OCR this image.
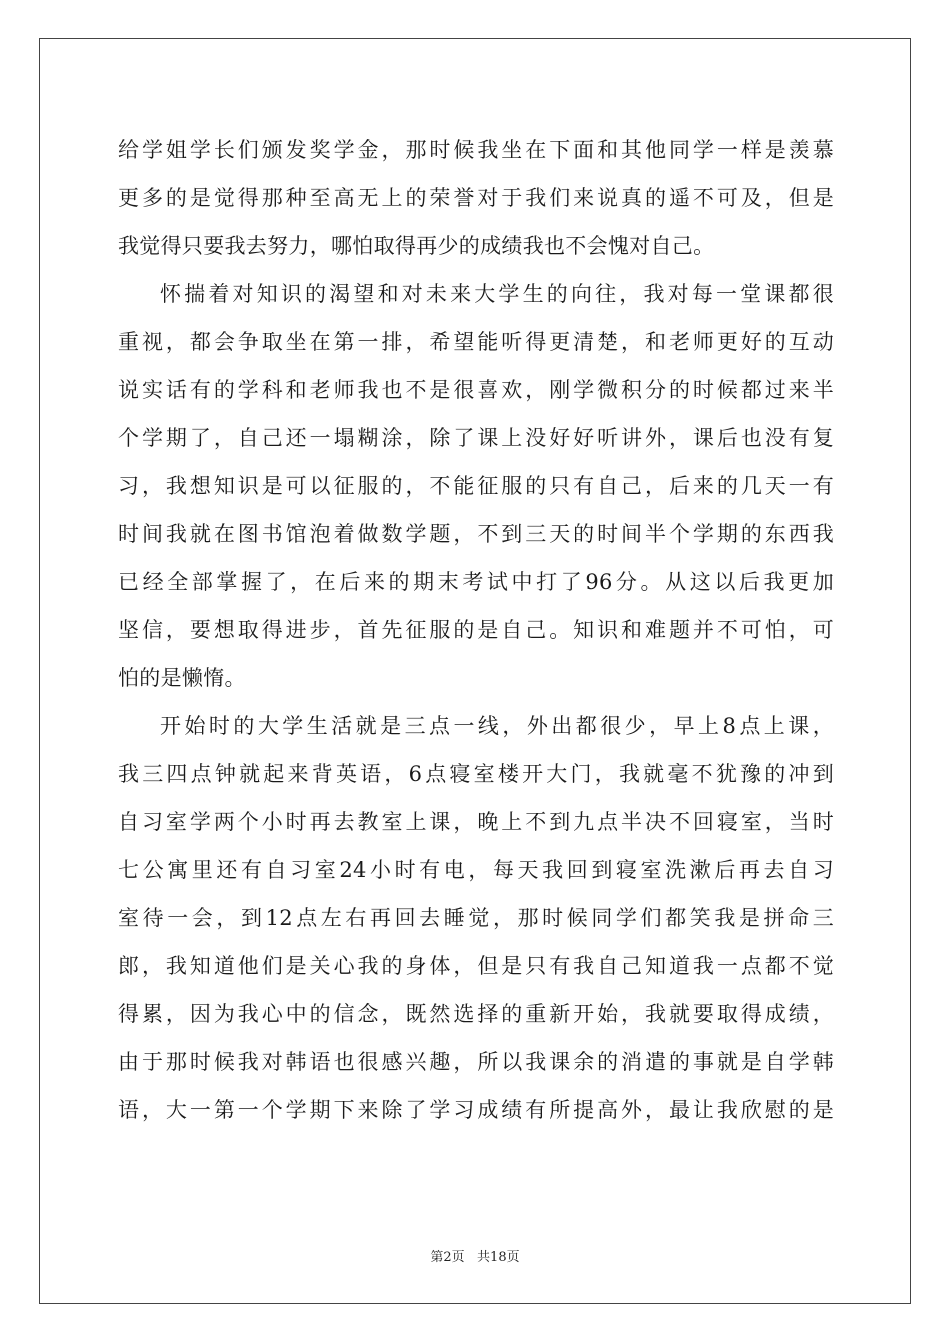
给学姐学长们颁发奖学金，那时候我坐在下面和其他同学一样是羡慕
更多的是觉得那种至高无上的荣誉对于我们来说真的遥不可及，但是
我觉得只要我去努力，哪怕取得再少的成绩我也不会愧对自己。
怀揣着对知识的渴望和对未来大学生的向往，我对每一堂课都很
重视，都会争取坐在第一排，希望能听得更清楚，和老师更好的互动
说实话有的学科和老师我也不是很喜欢，刚学微积分的时候都过来半
个学期了，自己还一塌糊涂，除了课上没好好听讲外，课后也没有复
习，我想知识是可以征服的，不能征服的只有自己，后来的几天一有
时间我就在图书馆泡着做数学题，不到三天的时间半个学期的东西我
已经全部掌握了，在后来的期末考试中打了96分。从这以后我更加
坚信，要想取得进步，首先征服的是自己。知识和难题并不可怕，可
怕的是懒惰。
开始时的大学生活就是三点一线，外出都很少，早上8点上课，
我三四点钟就起来背英语，6点寝室楼开大门，我就毫不犹豫的冲到
自习室学两个小时再去教室上课，晚上不到九点半决不回寝室，当时
七公寓里还有自习室24小时有电，每天我回到寝室洗漱后再去自习
室待一会，到12点左右再回去睡觉，那时候同学们都笑我是拼命三
郎，我知道他们是关心我的身体，但是只有我自己知道我一点都不觉
得累，因为我心中的信念，既然选择的重新开始，我就要取得成绩，
由于那时候我对韩语也很感兴趣，所以我课余的消遣的事就是自学韩
语，大一第一个学期下来除了学习成绩有所提高外，最让我欣慰的是
第2页   共18页
